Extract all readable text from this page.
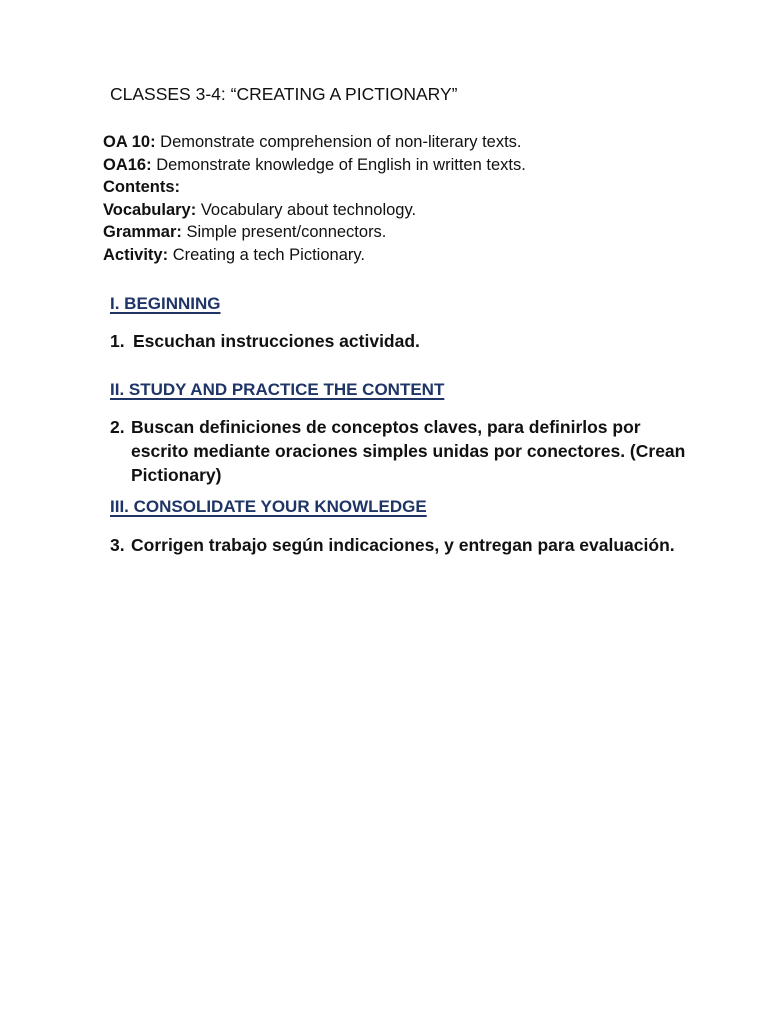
CLASSES 3-4: “CREATING A PICTIONARY”
OA 10: Demonstrate comprehension of non-literary texts.
OA16: Demonstrate knowledge of English in written texts.
Contents:
Vocabulary: Vocabulary about technology.
Grammar: Simple present/connectors.
Activity: Creating a tech Pictionary.
I. BEGINNING
1. Escuchan instrucciones actividad.
II. STUDY AND PRACTICE THE CONTENT
2. Buscan definiciones de conceptos claves, para definirlos por escrito mediante oraciones simples unidas por conectores. (Crean Pictionary)
III. CONSOLIDATE YOUR KNOWLEDGE
3. Corrigen trabajo según indicaciones, y entregan para evaluación.
